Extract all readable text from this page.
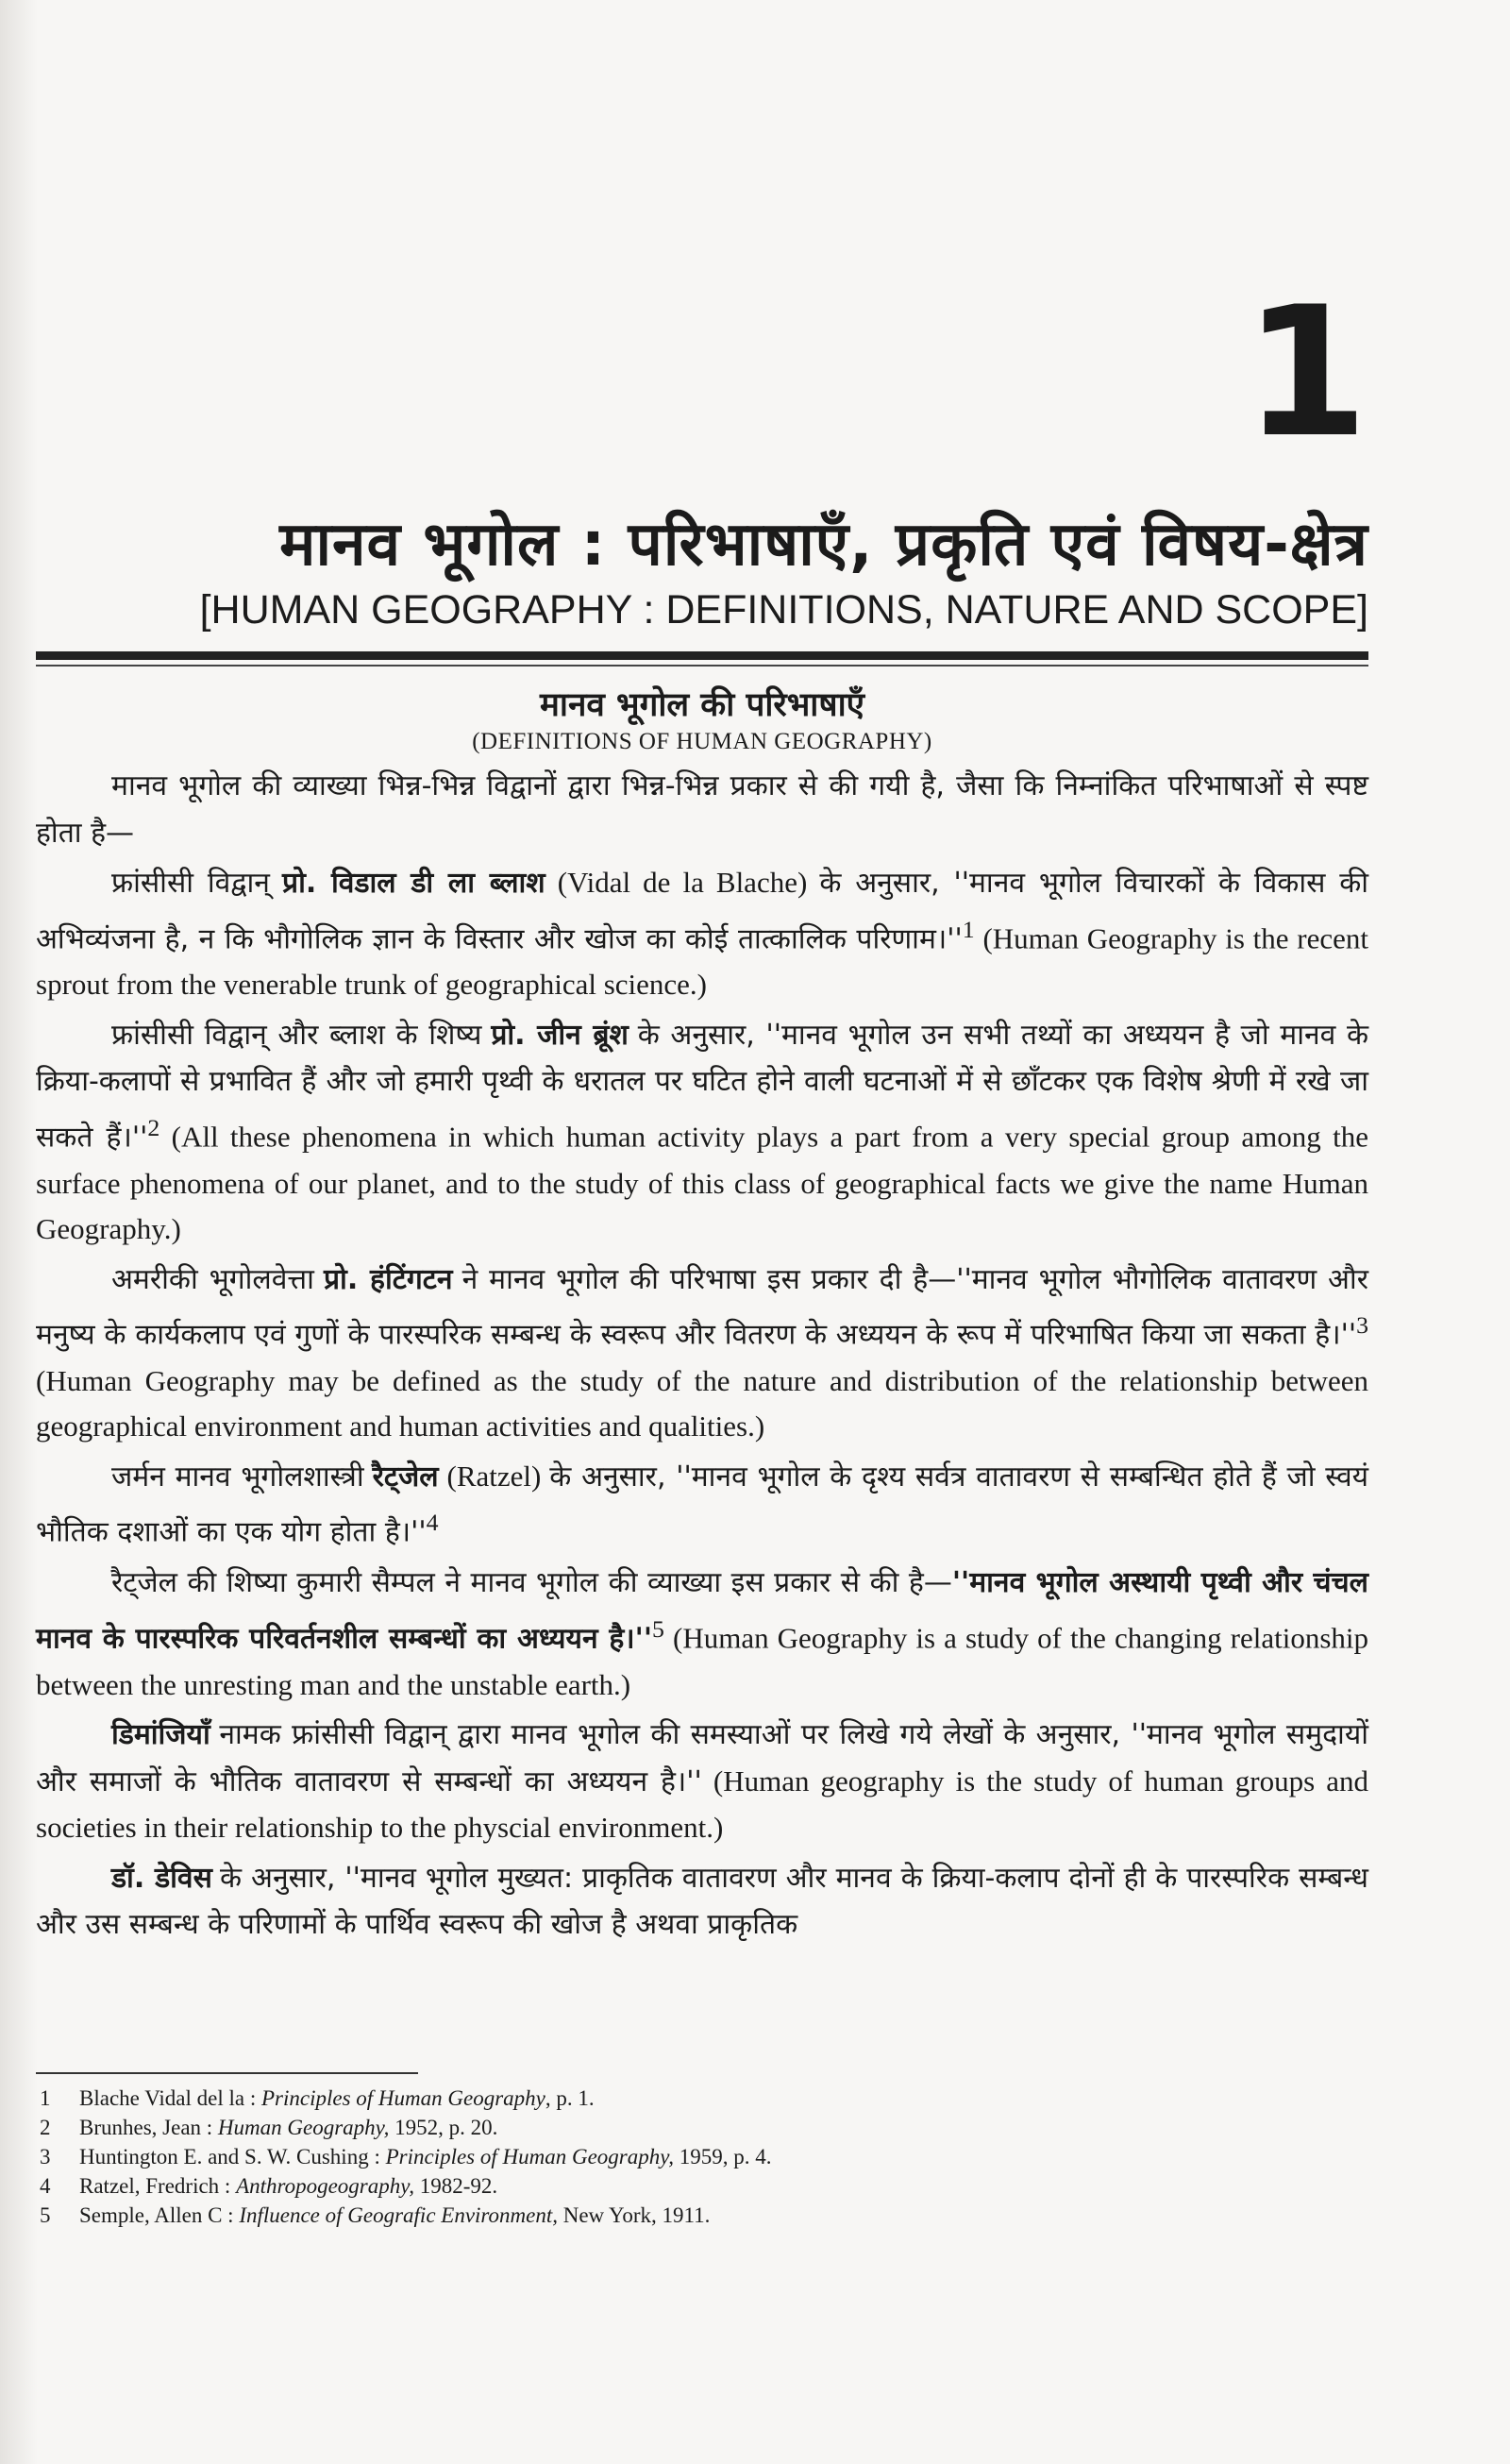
1
मानव भूगोल : परिभाषाएँ, प्रकृति एवं विषय-क्षेत्र
[HUMAN GEOGRAPHY : DEFINITIONS, NATURE AND SCOPE]
मानव भूगोल की परिभाषाएँ
(DEFINITIONS OF HUMAN GEOGRAPHY)

मानव भूगोल की व्याख्या भिन्न-भिन्न विद्वानों द्वारा भिन्न-भिन्न प्रकार से की गयी है, जैसा कि निम्नांकित परिभाषाओं से स्पष्ट होता है—

फ्रांसीसी विद्वान् प्रो. विडाल डी ला ब्लाश (Vidal de la Blache) के अनुसार, ''मानव भूगोल विचारकों के विकास की अभिव्यंजना है, न कि भौगोलिक ज्ञान के विस्तार और खोज का कोई तात्कालिक $परिणाम।''^1$ (Human Geography is the recent sprout from the venerable trunk of geographical science.)

फ्रांसीसी विद्वान् और ब्लाश के शिष्य प्रो. जीन ब्रूंश के अनुसार, ''मानव भूगोल उन सभी तथ्यों का अध्ययन है जो मानव के क्रिया-कलापों से प्रभावित हैं और जो हमारी पृथ्वी के धरातल पर घटित होने वाली घटनाओं में से छाँटकर एक विशेष श्रेणी में रखे जा सकते $हैं।''^2$ (All these phenomena in which human activity plays a part from a very special group among the surface phenomena of our planet, and to the study of this class of geographical facts we give the name Human Geography.)

अमरीकी भूगोलवेत्ता प्रो. हंटिंगटन ने मानव भूगोल की परिभाषा इस प्रकार दी है—''मानव भूगोल भौगोलिक वातावरण और मनुष्य के कार्यकलाप एवं गुणों के पारस्परिक सम्बन्ध के स्वरूप और वितरण के अध्ययन के रूप में परिभाषित किया जा सकता $है।''^3$ (Human Geography may be defined as the study of the nature and distribution of the relationship between geographical environment and human activities and qualities.)

जर्मन मानव भूगोलशास्त्री रैट्जेल (Ratzel) के अनुसार, ''मानव भूगोल के दृश्य सर्वत्र वातावरण से सम्बन्धित होते हैं जो स्वयं भौतिक दशाओं का एक योग होता $है।''^4$

रैट्जेल की शिष्या कुमारी सैम्पल ने मानव भूगोल की व्याख्या इस प्रकार से की है—''मानव भूगोल अस्थायी पृथ्वी और चंचल मानव के पारस्परिक परिवर्तनशील सम्बन्धों का अध्ययन $है।''^5$ (Human Geography is a study of the changing relationship between the unresting man and the unstable earth.)

डिमांजियाँ नामक फ्रांसीसी विद्वान् द्वारा मानव भूगोल की समस्याओं पर लिखे गये लेखों के अनुसार, ''मानव भूगोल समुदायों और समाजों के भौतिक वातावरण से सम्बन्धों का अध्ययन है।'' (Human geography is the study of human groups and societies in their relationship to the physcial environment.)

डॉ. डेविस के अनुसार, ''मानव भूगोल मुख्यत: प्राकृतिक वातावरण और मानव के क्रिया-कलाप दोनों ही के पारस्परिक सम्बन्ध और उस सम्बन्ध के परिणामों के पार्थिव स्वरूप की खोज है अथवा प्राकृतिक

1	Blache Vidal del la : Principles of Human Geography, p. 1.
2	Brunhes, Jean : Human Geography, 1952, p. 20.
3	Huntington E. and S. W. Cushing : Principles of Human Geography, 1959, p. 4.
4	Ratzel, Fredrich : Anthropogeography, 1982-92.
5	Semple, Allen C : Influence of Geografic Environment, New York, 1911.
